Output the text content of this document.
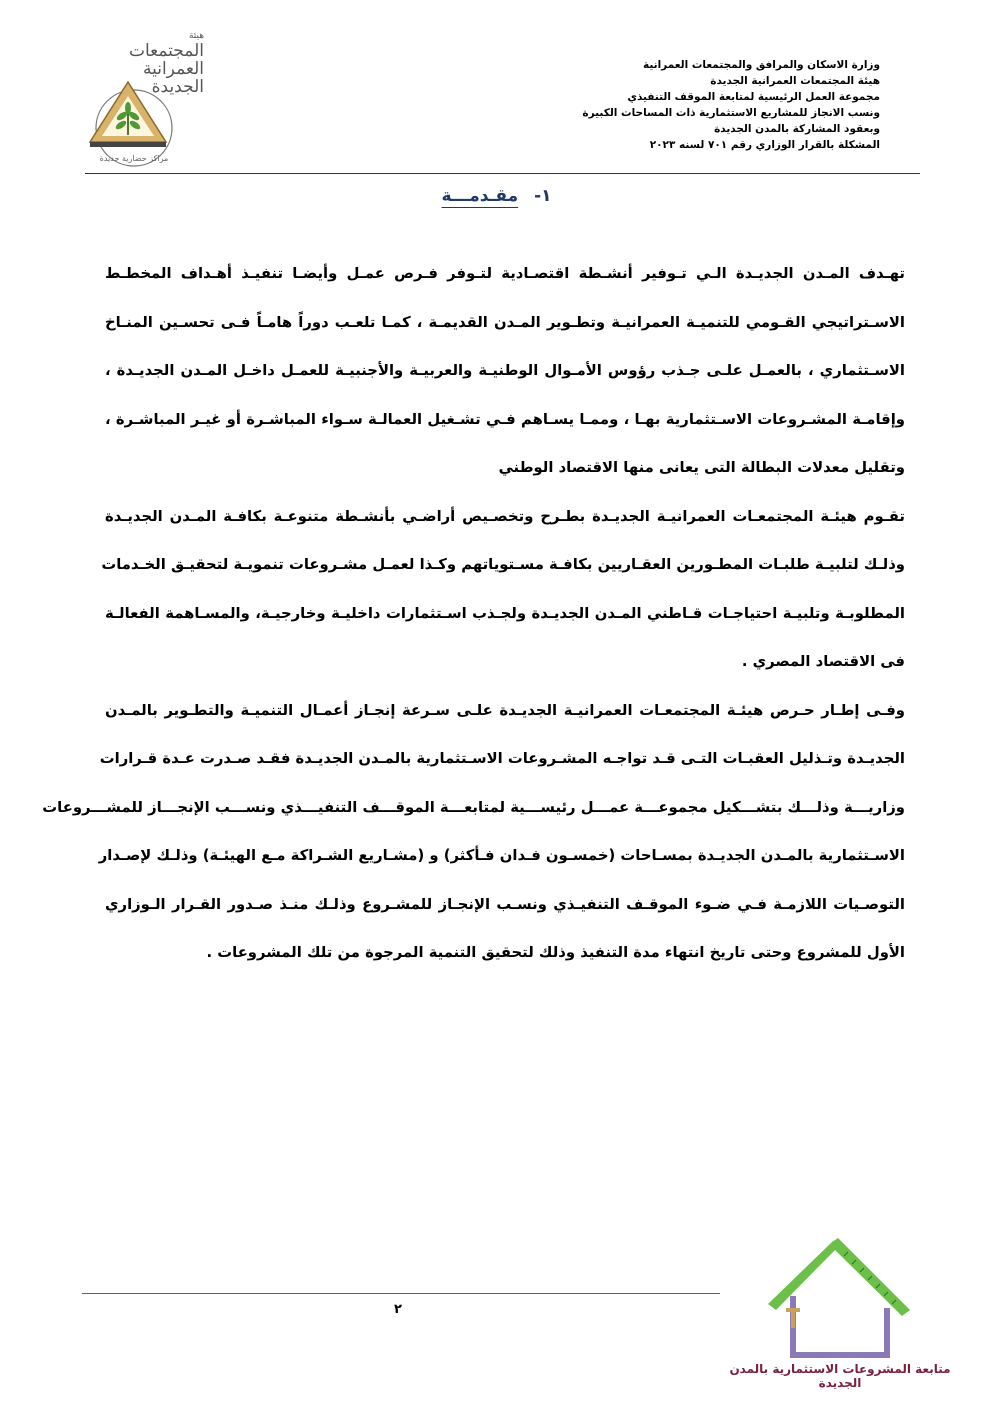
هيئة
المجتمعات
العمرانية
الجديدة
مراكز حضارية جديدة
وزارة الاسكان والمرافق والمجتمعات العمرانية
هيئة المجتمعات العمرانية الجديدة
مجموعة العمل الرئيسية لمتابعة الموقف التنفيذي
ونسب الانجاز للمشاريع الاستثمارية ذات المساحات الكبيرة
وبعقود المشاركة بالمدن الجديدة
المشكلة بالقرار الوزاري رقم ٧٠١ لسنه ٢٠٢٣
١- مقـدمـــة
تهـدف المـدن الجديـدة الـي تـوفير أنشـطة اقتصـادية لتـوفر فـرص عمـل وأيضـا تنفيـذ أهـداف المخطـط
الاسـتراتيجي القـومي للتنميـة العمرانيـة وتطـوير المـدن القديمـة ، كمـا تلعـب دوراً هامـاً فـى تحسـين المنـاخ
الاسـتثماري ، بالعمـل علـى جـذب رؤوس الأمـوال الوطنيـة والعربيـة والأجنبيـة للعمـل داخـل المـدن الجديـدة ،
وإقامـة المشـروعات الاسـتثمارية بهـا ، وممـا يسـاهم فـي تشـغيل العمالـة سـواء المباشـرة أو غيـر المباشـرة ،
وتقليل معدلات البطالة التى يعانى منها الاقتصاد الوطني
تقـوم هيئـة المجتمعـات العمرانيـة الجديـدة بطـرح وتخصـيص أراضـي بأنشـطة متنوعـة بكافـة المـدن الجديـدة
وذلـك لتلبيـة طلبـات المطـورين العقـاريين بكافـة مسـتوياتهم وكـذا لعمـل مشـروعات تنمويـة لتحقيـق الخـدمات
المطلوبـة وتلبيـة احتياجـات قـاطني المـدن الجديـدة ولجـذب اسـتثمارات داخليـة وخارجيـة، والمسـاهمة الفعالـة
فى الاقتصاد المصري .
وفـى إطـار حـرص هيئـة المجتمعـات العمرانيـة الجديـدة علـى سـرعة إنجـاز أعمـال التنميـة والتطـوير بالمـدن
الجديـدة وتـذليل العقبـات التـى قـد تواجـه المشـروعات الاسـتثمارية بالمـدن الجديـدة فقـد صـدرت عـدة قـرارات
وزاريـــة وذلـــك بتشـــكيل مجموعـــة عمـــل رئيســـية لمتابعـــة الموقـــف التنفيـــذي ونســـب الإنجـــاز للمشـــروعات
الاسـتثمارية بالمـدن الجديـدة بمسـاحات (خمسـون فـدان فـأكثر) و (مشـاريع الشـراكة مـع الهيئـة) وذلـك لإصـدار
التوصـيات اللازمـة فـي ضـوء الموقـف التنفيـذي ونسـب الإنجـاز للمشـروع وذلـك منـذ صـدور القـرار الـوزاري
الأول للمشروع وحتى تاريخ انتهاء مدة التنفيذ وذلك لتحقيق التنمية المرجوة من تلك المشروعات .
٢
متابعة المشروعات الاستثمارية بالمدن الجديدة
